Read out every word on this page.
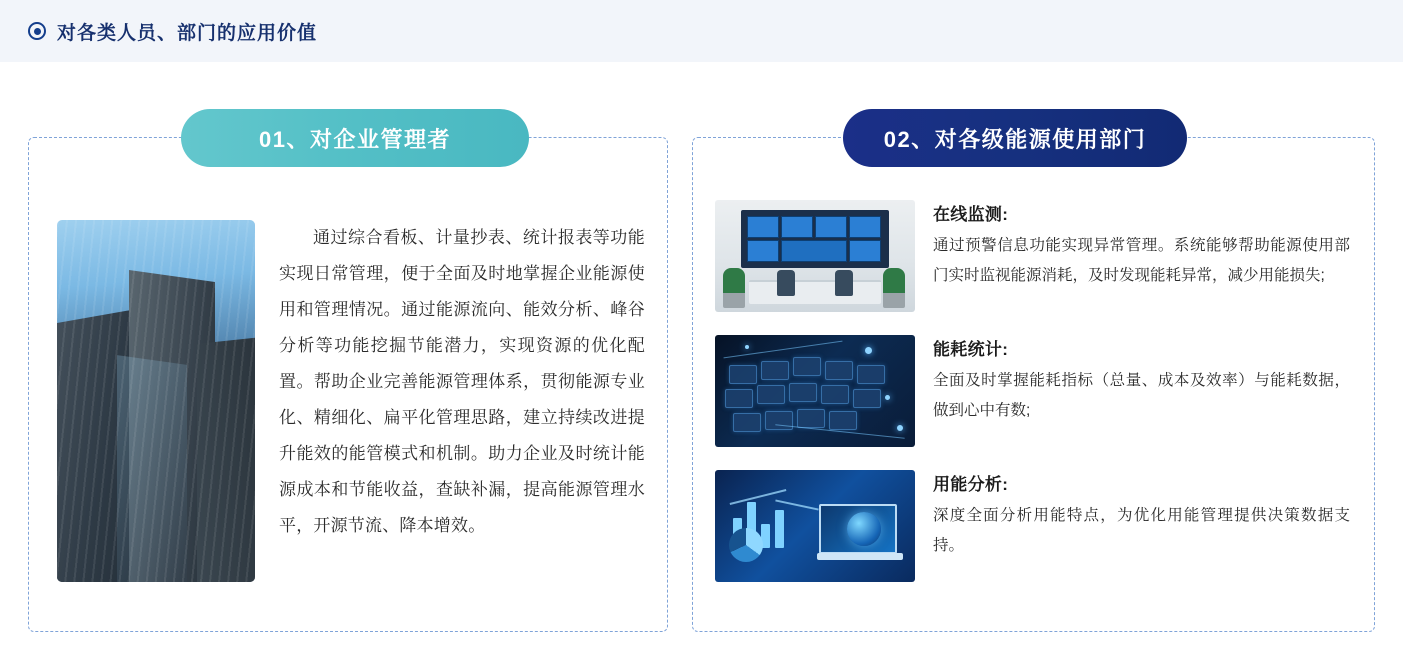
对各类人员、部门的应用价值
01、对企业管理者
通过综合看板、计量抄表、统计报表等功能实现日常管理，便于全面及时地掌握企业能源使用和管理情况。通过能源流向、能效分析、峰谷分析等功能挖掘节能潜力，实现资源的优化配置。帮助企业完善能源管理体系，贯彻能源专业化、精细化、扁平化管理思路，建立持续改进提升能效的能管模式和机制。助力企业及时统计能源成本和节能收益，查缺补漏，提高能源管理水平，开源节流、降本增效。
02、对各级能源使用部门
在线监测:
通过预警信息功能实现异常管理。系统能够帮助能源使用部门实时监视能源消耗，及时发现能耗异常，减少用能损失;
能耗统计:
全面及时掌握能耗指标（总量、成本及效率）与能耗数据，做到心中有数;
用能分析:
深度全面分析用能特点，为优化用能管理提供决策数据支持。
